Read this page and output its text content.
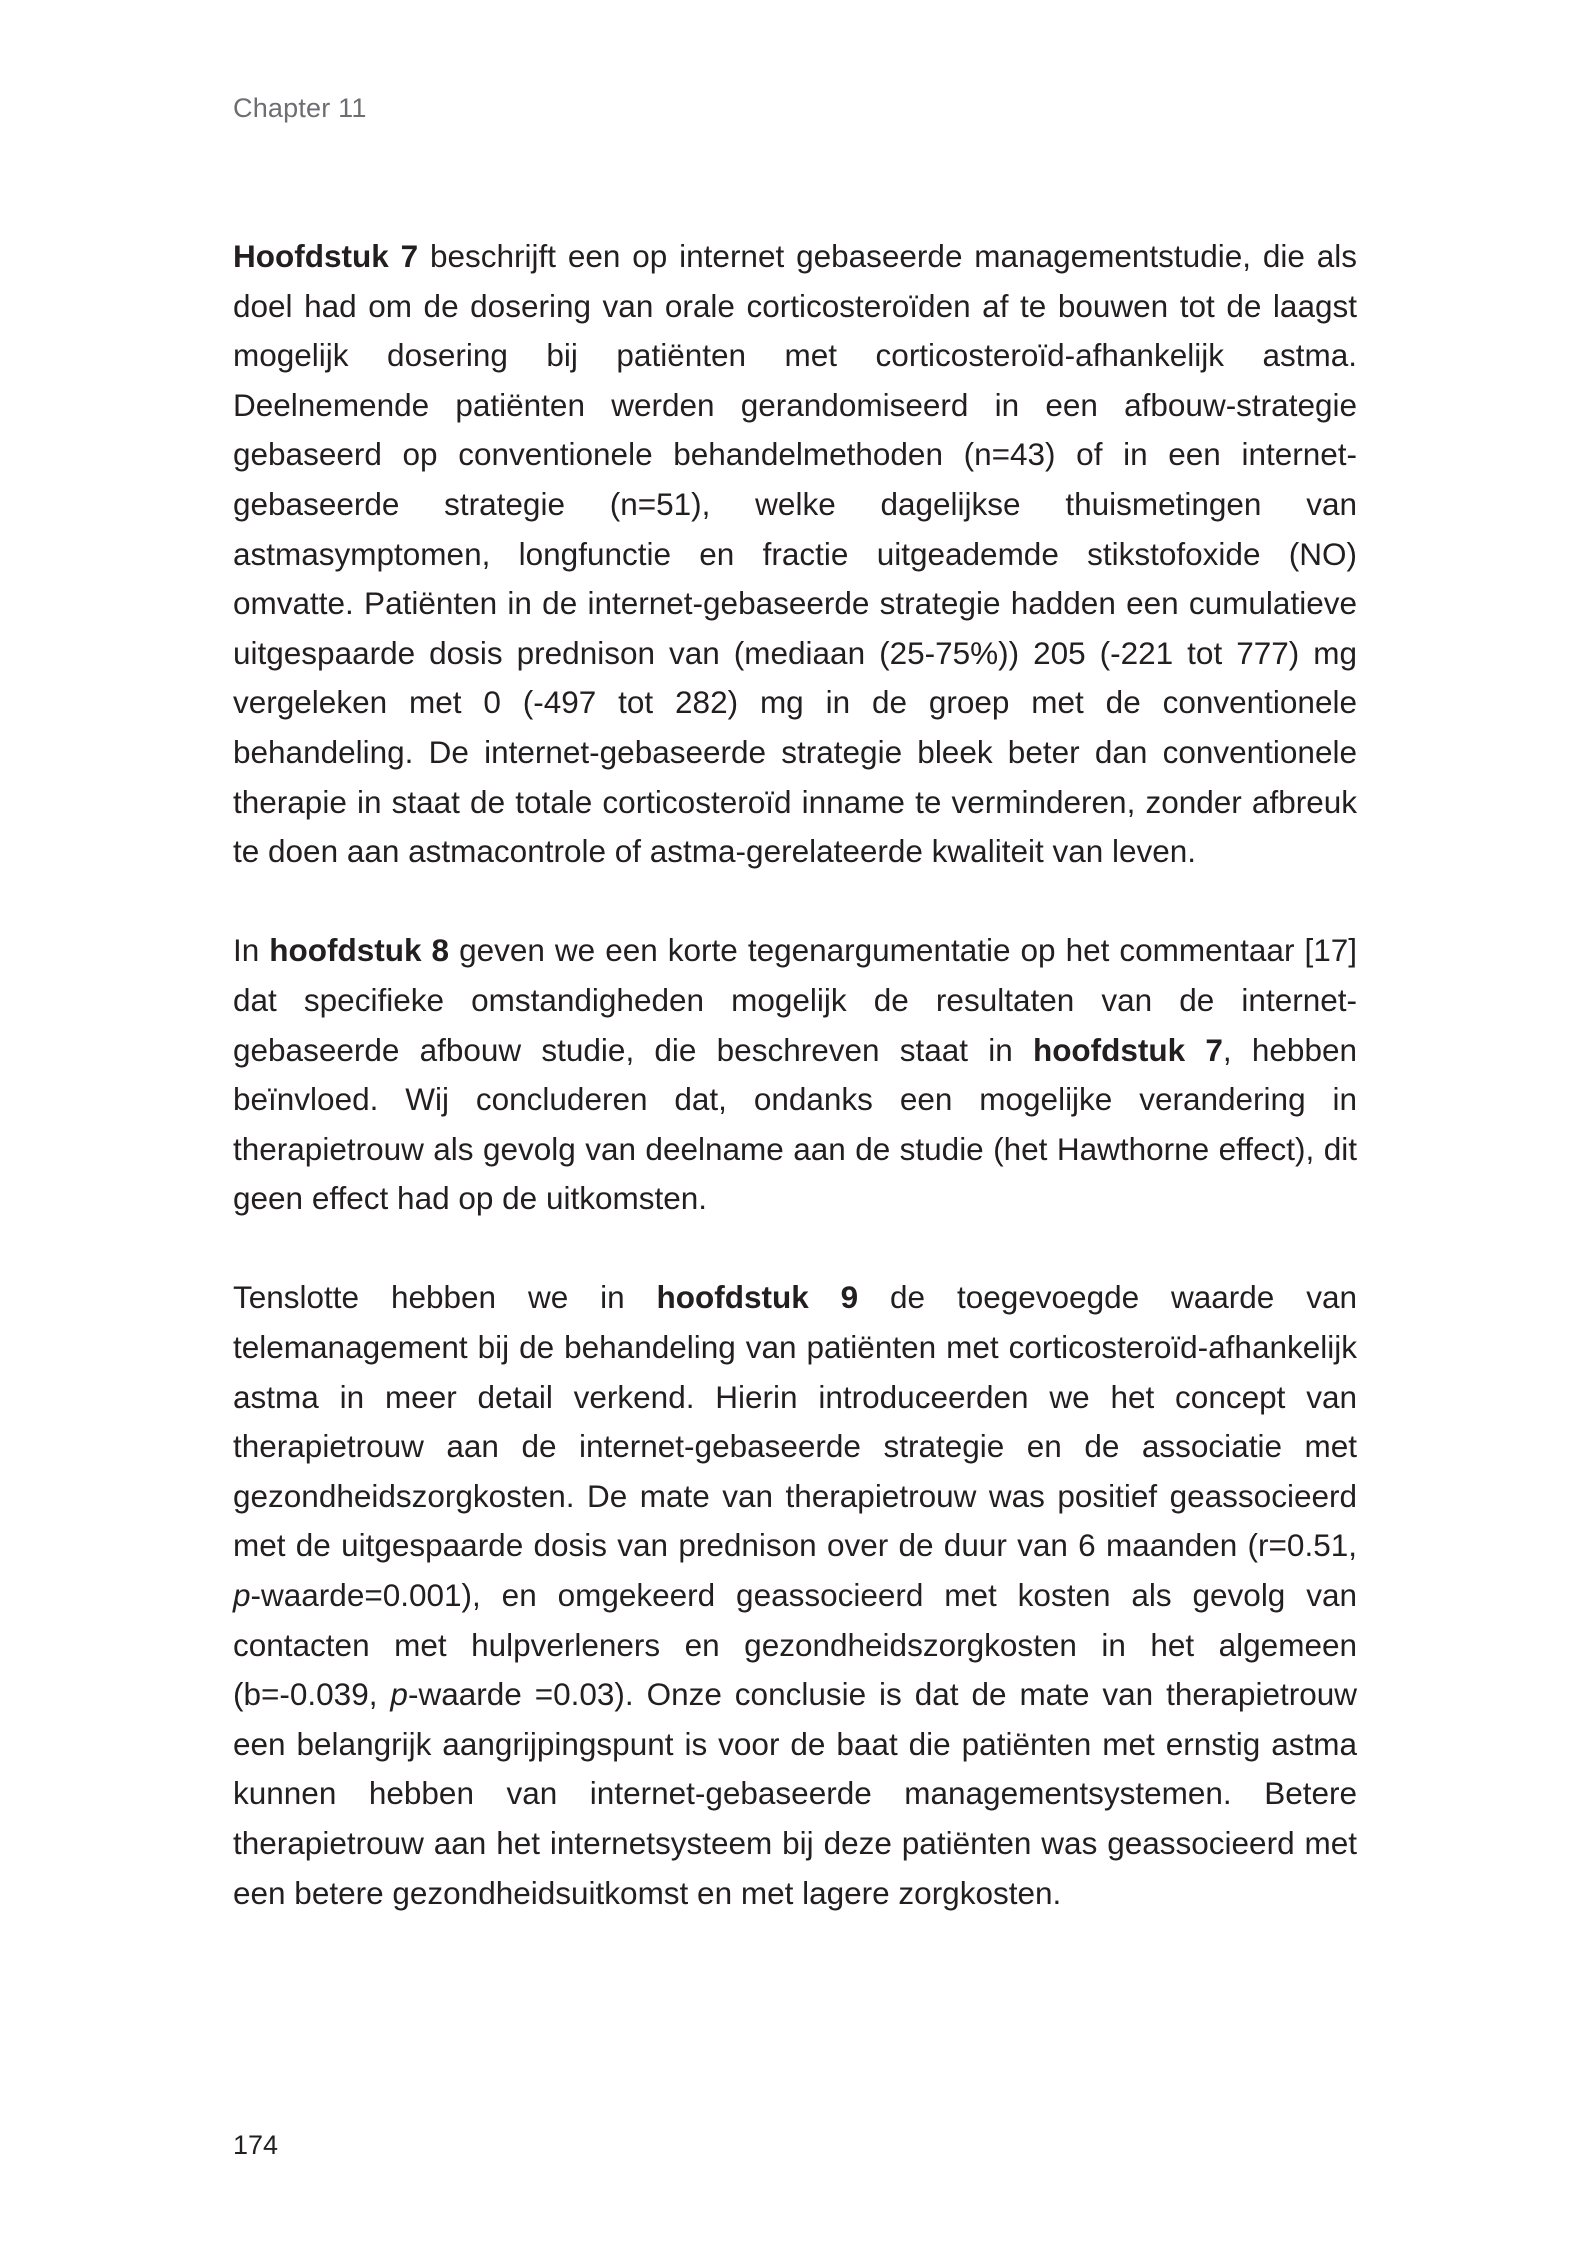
Chapter 11

Hoofdstuk 7 beschrijft een op internet gebaseerde managementstudie, die als doel had om de dosering van orale corticosteroïden af te bouwen tot de laagst mogelijk dosering bij patiënten met corticosteroïd-afhankelijk astma. Deelnemende patiënten werden gerandomiseerd in een afbouw-strategie gebaseerd op conventionele behandelmethoden (n=43) of in een internet-gebaseerde strategie (n=51), welke dagelijkse thuismetingen van astmasymptomen, longfunctie en fractie uitgeademde stikstofoxide (NO) omvatte. Patiënten in de internet-gebaseerde strategie hadden een cumulatieve uitgespaarde dosis prednison van (mediaan (25-75%)) 205 (-221 tot 777) mg vergeleken met 0 (-497 tot 282) mg in de groep met de conventionele behandeling. De internet-gebaseerde strategie bleek beter dan conventionele therapie in staat de totale corticosteroïd inname te verminderen, zonder afbreuk te doen aan astmacontrole of astma-gerelateerde kwaliteit van leven.

In hoofdstuk 8 geven we een korte tegenargumentatie op het commentaar [17] dat specifieke omstandigheden mogelijk de resultaten van de internet-gebaseerde afbouw studie, die beschreven staat in hoofdstuk 7, hebben beïnvloed. Wij concluderen dat, ondanks een mogelijke verandering in therapietrouw als gevolg van deelname aan de studie (het Hawthorne effect), dit geen effect had op de uitkomsten.

Tenslotte hebben we in hoofdstuk 9 de toegevoegde waarde van telemanagement bij de behandeling van patiënten met corticosteroïd-afhankelijk astma in meer detail verkend. Hierin introduceerden we het concept van therapietrouw aan de internet-gebaseerde strategie en de associatie met gezondheidszorgkosten. De mate van therapietrouw was positief geassocieerd met de uitgespaarde dosis van prednison over de duur van 6 maanden (r=0.51, p-waarde=0.001), en omgekeerd geassocieerd met kosten als gevolg van contacten met hulpverleners en gezondheidszorgkosten in het algemeen (b=-0.039, p-waarde =0.03). Onze conclusie is dat de mate van therapietrouw een belangrijk aangrijpingspunt is voor de baat die patiënten met ernstig astma kunnen hebben van internet-gebaseerde managementsystemen. Betere therapietrouw aan het internetsysteem bij deze patiënten was geassocieerd met een betere gezondheidsuitkomst en met lagere zorgkosten.

174
